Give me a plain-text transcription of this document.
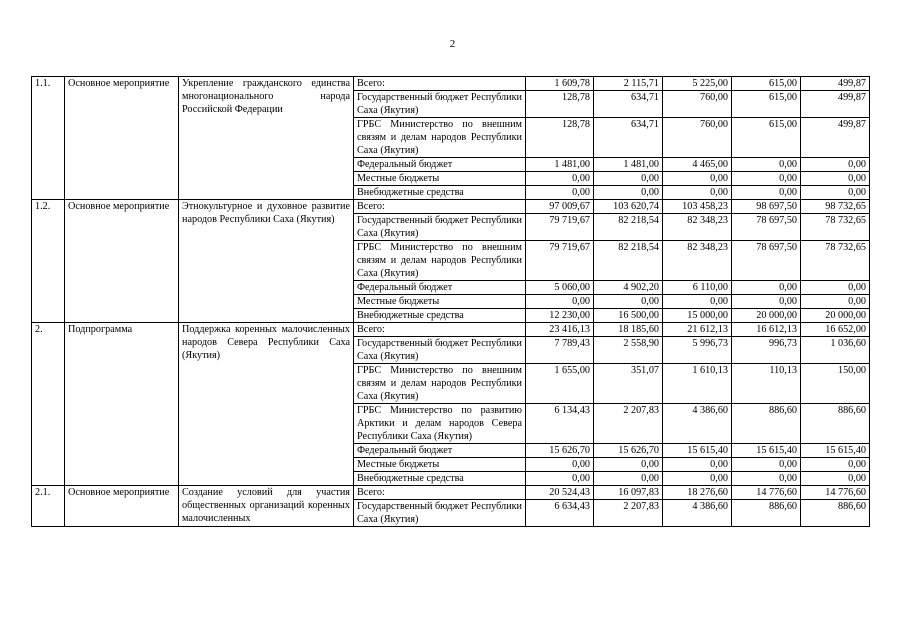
2
1.1.	Основное мероприятие	Укрепление гражданского единства многонационального народа Российской Федерации	Всего:	1 609,78	2 115,71	5 225,00	615,00	499,87
			Государственный бюджет Республики Саха (Якутия)	128,78	634,71	760,00	615,00	499,87
			ГРБС Министерство по внешним связям и делам народов Республики Саха (Якутия)	128,78	634,71	760,00	615,00	499,87
			Федеральный бюджет	1 481,00	1 481,00	4 465,00	0,00	0,00
			Местные бюджеты	0,00	0,00	0,00	0,00	0,00
			Внебюджетные средства	0,00	0,00	0,00	0,00	0,00
1.2.	Основное мероприятие	Этнокультурное и духовное развитие народов Республики Саха (Якутия)	Всего:	97 009,67	103 620,74	103 458,23	98 697,50	98 732,65
			Государственный бюджет Республики Саха (Якутия)	79 719,67	82 218,54	82 348,23	78 697,50	78 732,65
			ГРБС Министерство по внешним связям и делам народов Республики Саха (Якутия)	79 719,67	82 218,54	82 348,23	78 697,50	78 732,65
			Федеральный бюджет	5 060,00	4 902,20	6 110,00	0,00	0,00
			Местные бюджеты	0,00	0,00	0,00	0,00	0,00
			Внебюджетные средства	12 230,00	16 500,00	15 000,00	20 000,00	20 000,00
2.	Подпрограмма	Поддержка коренных малочисленных народов Севера Республики Саха (Якутия)	Всего:	23 416,13	18 185,60	21 612,13	16 612,13	16 652,00
			Государственный бюджет Республики Саха (Якутия)	7 789,43	2 558,90	5 996,73	996,73	1 036,60
			ГРБС Министерство по внешним связям и делам народов Республики Саха (Якутия)	1 655,00	351,07	1 610,13	110,13	150,00
			ГРБС Министерство по развитию Арктики и делам народов Севера Республики Саха (Якутия)	6 134,43	2 207,83	4 386,60	886,60	886,60
			Федеральный бюджет	15 626,70	15 626,70	15 615,40	15 615,40	15 615,40
			Местные бюджеты	0,00	0,00	0,00	0,00	0,00
			Внебюджетные средства	0,00	0,00	0,00	0,00	0,00
2.1.	Основное мероприятие	Создание условий для участия общественных организаций коренных малочисленных	Всего:	20 524,43	16 097,83	18 276,60	14 776,60	14 776,60
			Государственный бюджет Республики Саха (Якутия)	6 634,43	2 207,83	4 386,60	886,60	886,60
